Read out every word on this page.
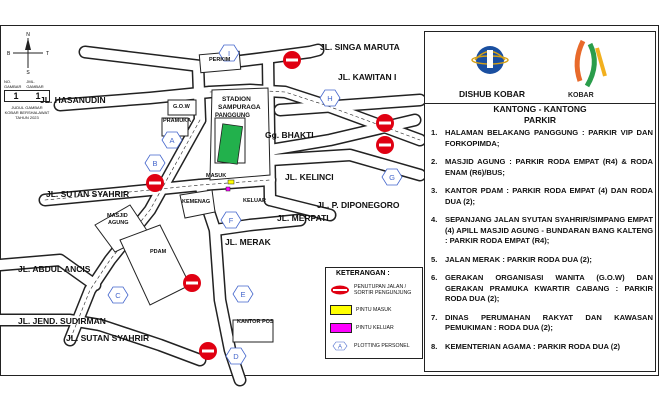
I
H
A
B
G
F
C	E
D
N
S
T
B
NO. GAMBAR
JML. GAMBAR
1 1
JUDUL GAMBAR
KOBAR BERSHALAWAT
TAHUN 2023
JL. SINGA MARUTA
JL. KAWITAN I
JL. HASANUDIN
Gg. BHAKTI
JL. KELINCI
JL. SUTAN SYAHRIR
JL. P. DIPONEGORO
JL. MERPATI
JL. MERAK
JL. ABDUL ANCIS
JL. JEND. SUDIRMAN
JL. SUTAN SYAHRIR
PERKIM
G.O.W
PRAMUKA
STADION
SAMPURAGA
PANGGUNG
MASUK
KEMENAG	KELUAR
MASJID
AGUNG
PDAM
KANTOR POS
KETERANGAN :
PENUTUPAN JALAN / SORTIR PENGUNJUNG
PINTU MASUK
PINTU KELUAR
A PLOTTING PERSONEL
DISHUB KOBAR	KOBAR
KANTONG - KANTONG
PARKIR
1.	HALAMAN BELAKANG PANGGUNG : PARKIR VIP DAN FORKOPIMDA;
2.	MASJID AGUNG : PARKIR RODA EMPAT (R4) & RODA ENAM (R6)/BUS;
3.	KANTOR PDAM : PARKIR RODA EMPAT (4) DAN RODA DUA (2);
4.	SEPANJANG JALAN SYUTAN SYAHRIR/SIMPANG EMPAT (4) APILL MASJID AGUNG - BUNDARAN BANG KALTENG : PARKIR RODA EMPAT (R4);
5.	JALAN MERAK : PARKIR RODA DUA (2);
6.	GERAKAN ORGANISASI WANITA (G.O.W) DAN GERAKAN PRAMUKA KWARTIR CABANG : PARKIR RODA DUA (2);
7.	DINAS PERUMAHAN RAKYAT DAN KAWASAN PEMUKIMAN : RODA DUA (2);
8.	KEMENTERIAN AGAMA : PARKIR RODA DUA (2)
